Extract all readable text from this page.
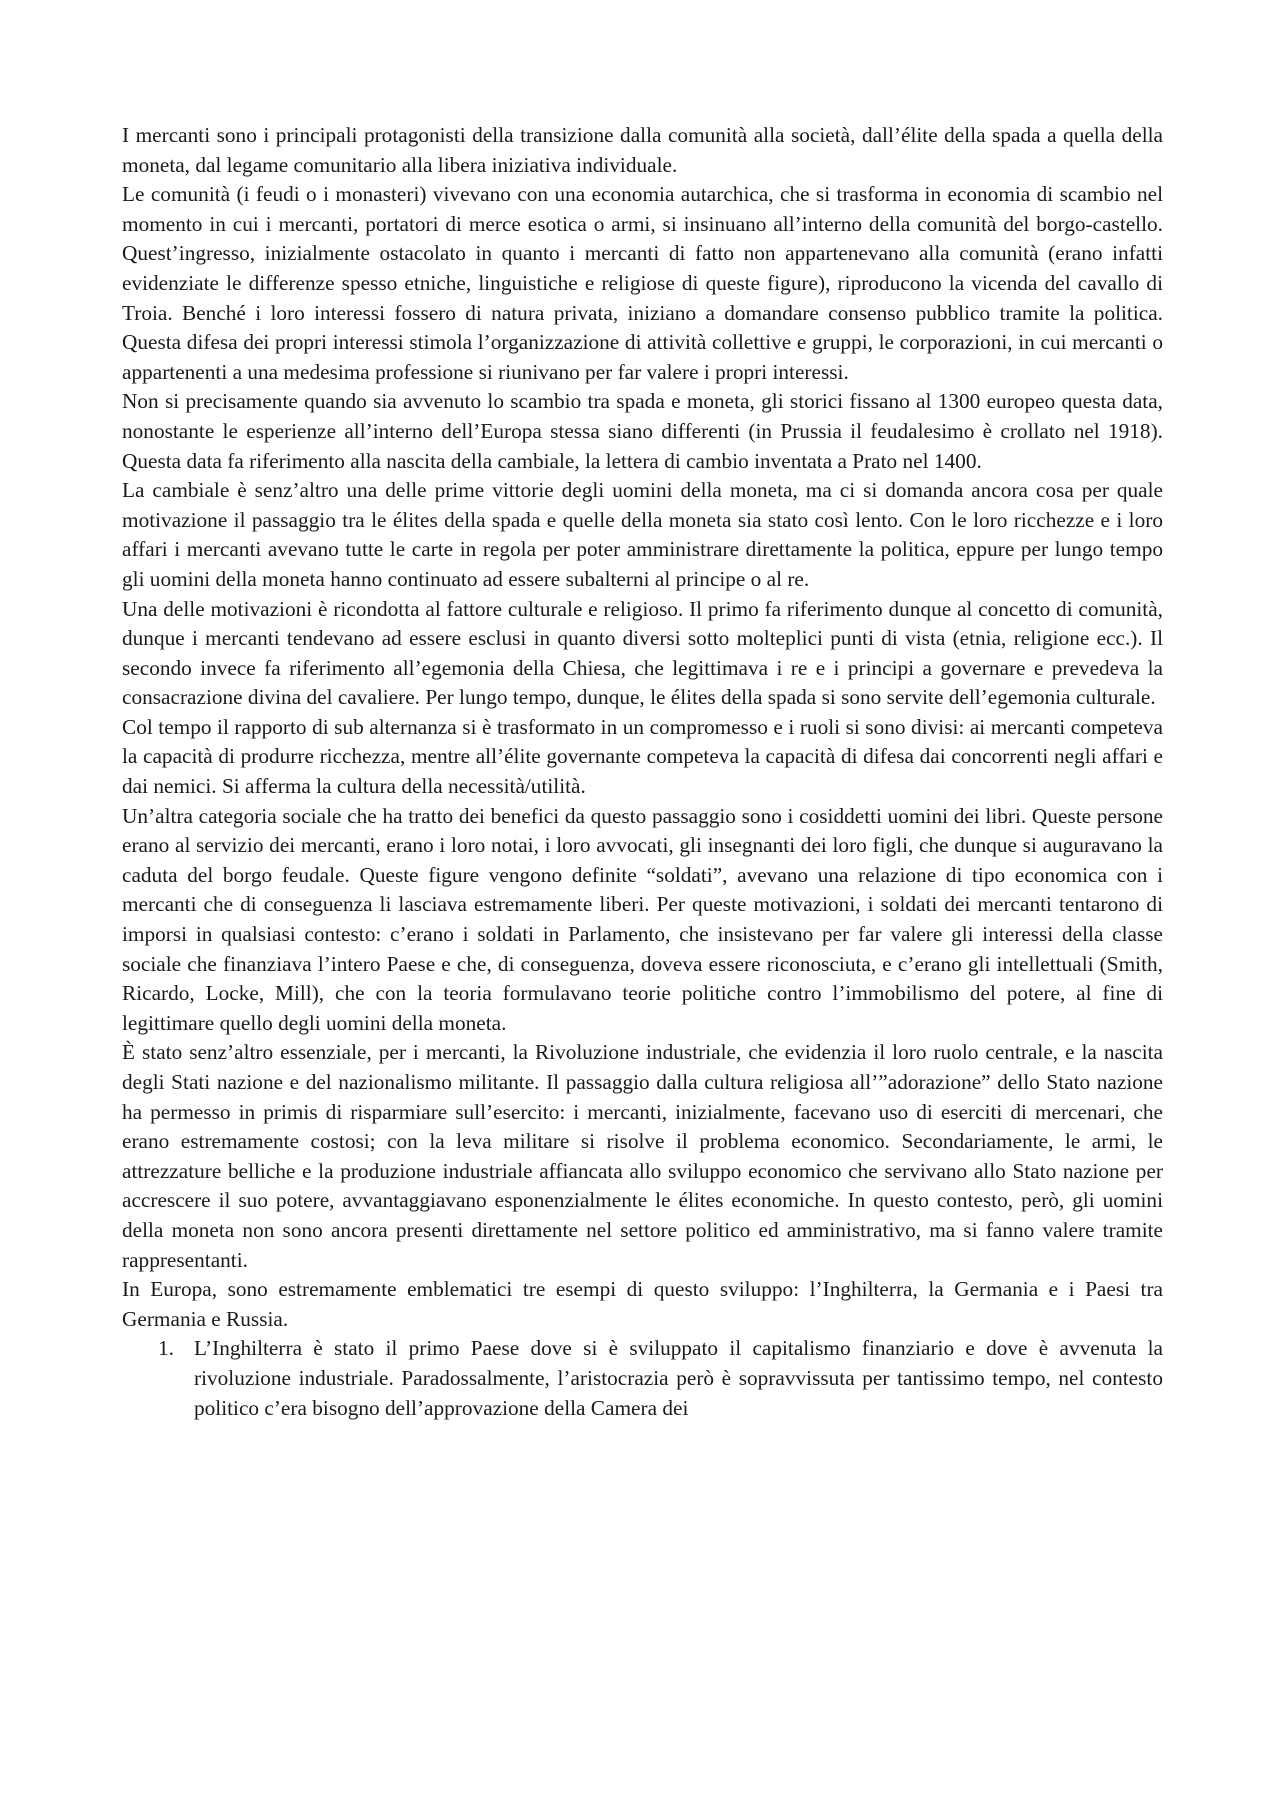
I mercanti sono i principali protagonisti della transizione dalla comunità alla società, dall’élite della spada a quella della moneta, dal legame comunitario alla libera iniziativa individuale.

Le comunità (i feudi o i monasteri) vivevano con una economia autarchica, che si trasforma in economia di scambio nel momento in cui i mercanti, portatori di merce esotica o armi, si insinuano all’interno della comunità del borgo-castello. Quest’ingresso, inizialmente ostacolato in quanto i mercanti di fatto non appartenevano alla comunità (erano infatti evidenziate le differenze spesso etniche, linguistiche e religiose di queste figure), riproducono la vicenda del cavallo di Troia. Benché i loro interessi fossero di natura privata, iniziano a domandare consenso pubblico tramite la politica. Questa difesa dei propri interessi stimola l’organizzazione di attività collettive e gruppi, le corporazioni, in cui mercanti o appartenenti a una medesima professione si riunivano per far valere i propri interessi.

Non si precisamente quando sia avvenuto lo scambio tra spada e moneta, gli storici fissano al 1300 europeo questa data, nonostante le esperienze all’interno dell’Europa stessa siano differenti (in Prussia il feudalesimo è crollato nel 1918). Questa data fa riferimento alla nascita della cambiale, la lettera di cambio inventata a Prato nel 1400.

La cambiale è senz’altro una delle prime vittorie degli uomini della moneta, ma ci si domanda ancora cosa per quale motivazione il passaggio tra le élites della spada e quelle della moneta sia stato così lento. Con le loro ricchezze e i loro affari i mercanti avevano tutte le carte in regola per poter amministrare direttamente la politica, eppure per lungo tempo gli uomini della moneta hanno continuato ad essere subalterni al principe o al re.

Una delle motivazioni è ricondotta al fattore culturale e religioso. Il primo fa riferimento dunque al concetto di comunità, dunque i mercanti tendevano ad essere esclusi in quanto diversi sotto molteplici punti di vista (etnia, religione ecc.). Il secondo invece fa riferimento all’egemonia della Chiesa, che legittimava i re e i principi a governare e prevedeva la consacrazione divina del cavaliere. Per lungo tempo, dunque, le élites della spada si sono servite dell’egemonia culturale.

Col tempo il rapporto di sub alternanza si è trasformato in un compromesso e i ruoli si sono divisi: ai mercanti competeva la capacità di produrre ricchezza, mentre all’élite governante competeva la capacità di difesa dai concorrenti negli affari e dai nemici. Si afferma la cultura della necessità/utilità.

Un’altra categoria sociale che ha tratto dei benefici da questo passaggio sono i cosiddetti uomini dei libri. Queste persone erano al servizio dei mercanti, erano i loro notai, i loro avvocati, gli insegnanti dei loro figli, che dunque si auguravano la caduta del borgo feudale. Queste figure vengono definite “soldati”, avevano una relazione di tipo economica con i mercanti che di conseguenza li lasciava estremamente liberi. Per queste motivazioni, i soldati dei mercanti tentarono di imporsi in qualsiasi contesto: c’erano i soldati in Parlamento, che insistevano per far valere gli interessi della classe sociale che finanziava l’intero Paese e che, di conseguenza, doveva essere riconosciuta, e c’erano gli intellettuali (Smith, Ricardo, Locke, Mill), che con la teoria formulavano teorie politiche contro l’immobilismo del potere, al fine di legittimare quello degli uomini della moneta.

È stato senz’altro essenziale, per i mercanti, la Rivoluzione industriale, che evidenzia il loro ruolo centrale, e la nascita degli Stati nazione e del nazionalismo militante. Il passaggio dalla cultura religiosa all’”adorazione” dello Stato nazione ha permesso in primis di risparmiare sull’esercito: i mercanti, inizialmente, facevano uso di eserciti di mercenari, che erano estremamente costosi; con la leva militare si risolve il problema economico. Secondariamente, le armi, le attrezzature belliche e la produzione industriale affiancata allo sviluppo economico che servivano allo Stato nazione per accrescere il suo potere, avvantaggiavano esponenzialmente le élites economiche. In questo contesto, però, gli uomini della moneta non sono ancora presenti direttamente nel settore politico ed amministrativo, ma si fanno valere tramite rappresentanti.

In Europa, sono estremamente emblematici tre esempi di questo sviluppo: l’Inghilterra, la Germania e i Paesi tra Germania e Russia.

1. L’Inghilterra è stato il primo Paese dove si è sviluppato il capitalismo finanziario e dove è avvenuta la rivoluzione industriale. Paradossalmente, l’aristocrazia però è sopravvissuta per tantissimo tempo, nel contesto politico c’era bisogno dell’approvazione della Camera dei
